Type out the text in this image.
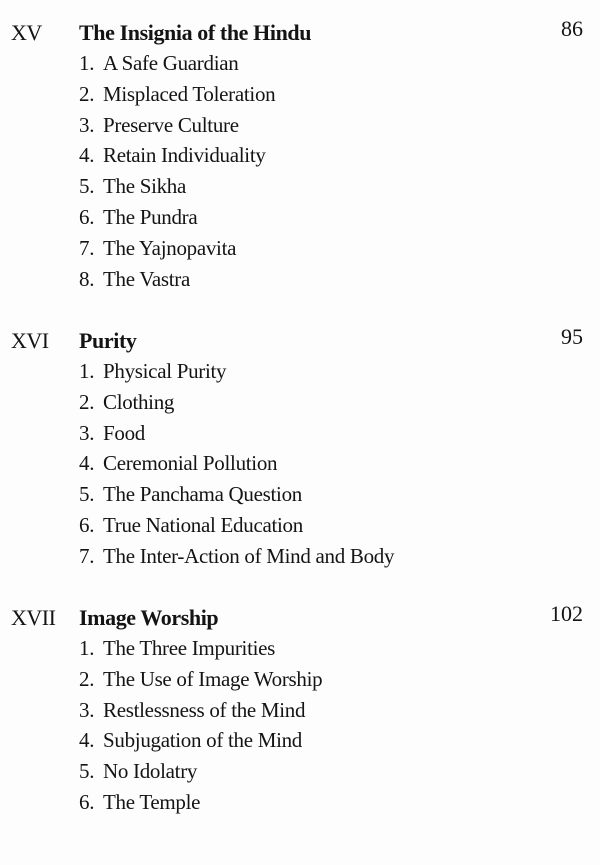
XV The Insignia of the Hindu	86
1. A Safe Guardian
2. Misplaced Toleration
3. Preserve Culture
4. Retain Individuality
5. The Sikha
6. The Pundra
7. The Yajnopavita
8. The Vastra
XVI Purity	95
1. Physical Purity
2. Clothing
3. Food
4. Ceremonial Pollution
5. The Panchama Question
6. True National Education
7. The Inter-Action of Mind and Body
XVII Image Worship	102
1. The Three Impurities
2. The Use of Image Worship
3. Restlessness of the Mind
4. Subjugation of the Mind
5. No Idolatry
6. The Temple
